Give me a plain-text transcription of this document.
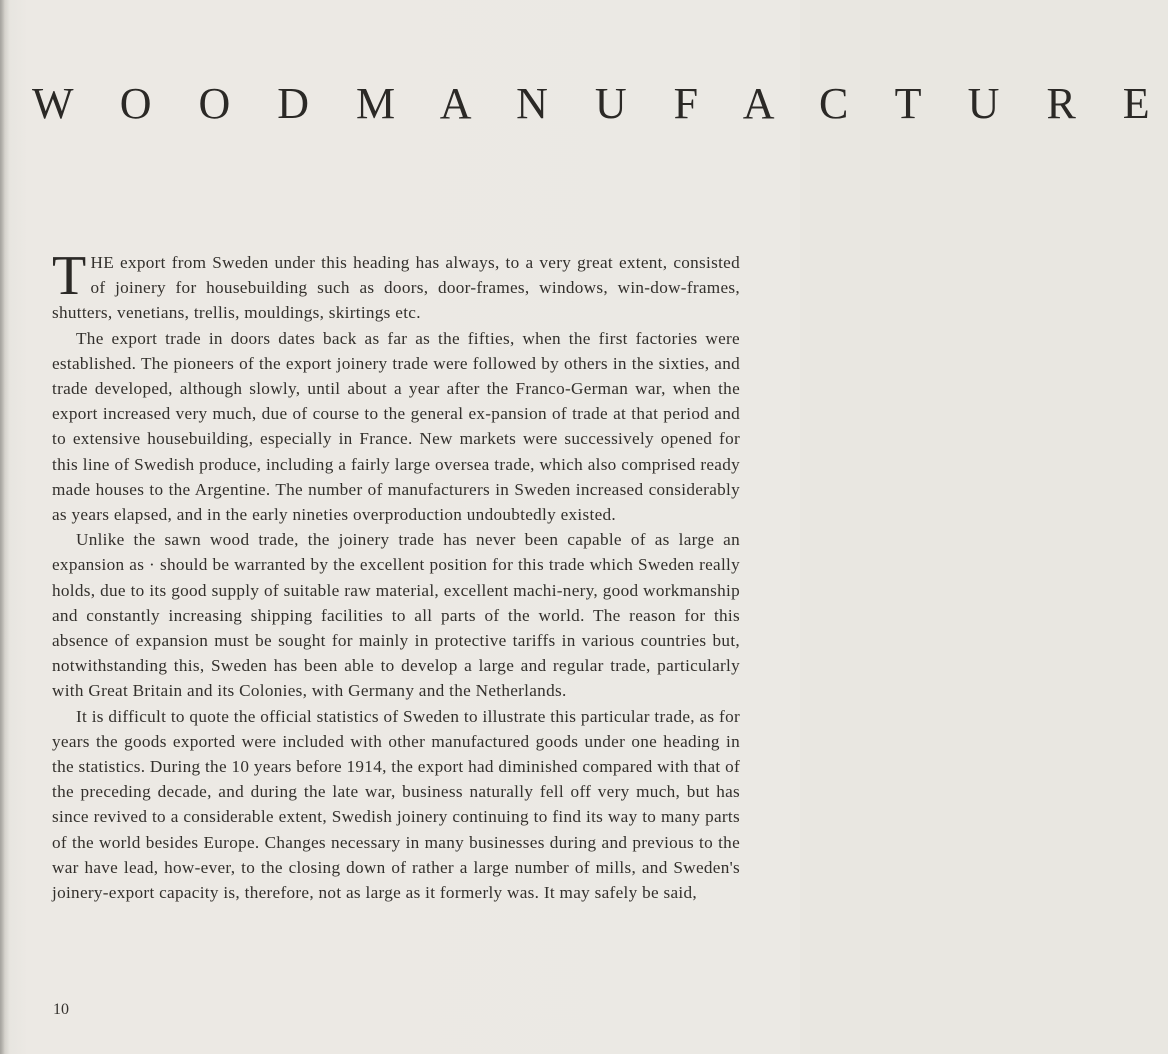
W O O D M A N U F A C T U R E

THE export from Sweden under this heading has always, to a very great extent, consisted of joinery for housebuilding such as doors, door-frames, windows, win-dow-frames, shutters, venetians, trellis, mouldings, skirtings etc.

The export trade in doors dates back as far as the fifties, when the first factories were established. The pioneers of the export joinery trade were followed by others in the sixties, and trade developed, although slowly, until about a year after the Franco-German war, when the export increased very much, due of course to the general ex-pansion of trade at that period and to extensive housebuilding, especially in France. New markets were successively opened for this line of Swedish produce, including a fairly large oversea trade, which also comprised ready made houses to the Argentine. The number of manufacturers in Sweden increased considerably as years elapsed, and in the early nineties overproduction undoubtedly existed.

Unlike the sawn wood trade, the joinery trade has never been capable of as large an expansion as · should be warranted by the excellent position for this trade which Sweden really holds, due to its good supply of suitable raw material, excellent machi-nery, good workmanship and constantly increasing shipping facilities to all parts of the world. The reason for this absence of expansion must be sought for mainly in protective tariffs in various countries but, notwithstanding this, Sweden has been able to develop a large and regular trade, particularly with Great Britain and its Colonies, with Germany and the Netherlands.

It is difficult to quote the official statistics of Sweden to illustrate this particular trade, as for years the goods exported were included with other manufactured goods under one heading in the statistics. During the 10 years before 1914, the export had diminished compared with that of the preceding decade, and during the late war, business naturally fell off very much, but has since revived to a considerable extent, Swedish joinery continuing to find its way to many parts of the world besides Europe. Changes necessary in many businesses during and previous to the war have lead, how-ever, to the closing down of rather a large number of mills, and Sweden's joinery-export capacity is, therefore, not as large as it formerly was. It may safely be said,

10
